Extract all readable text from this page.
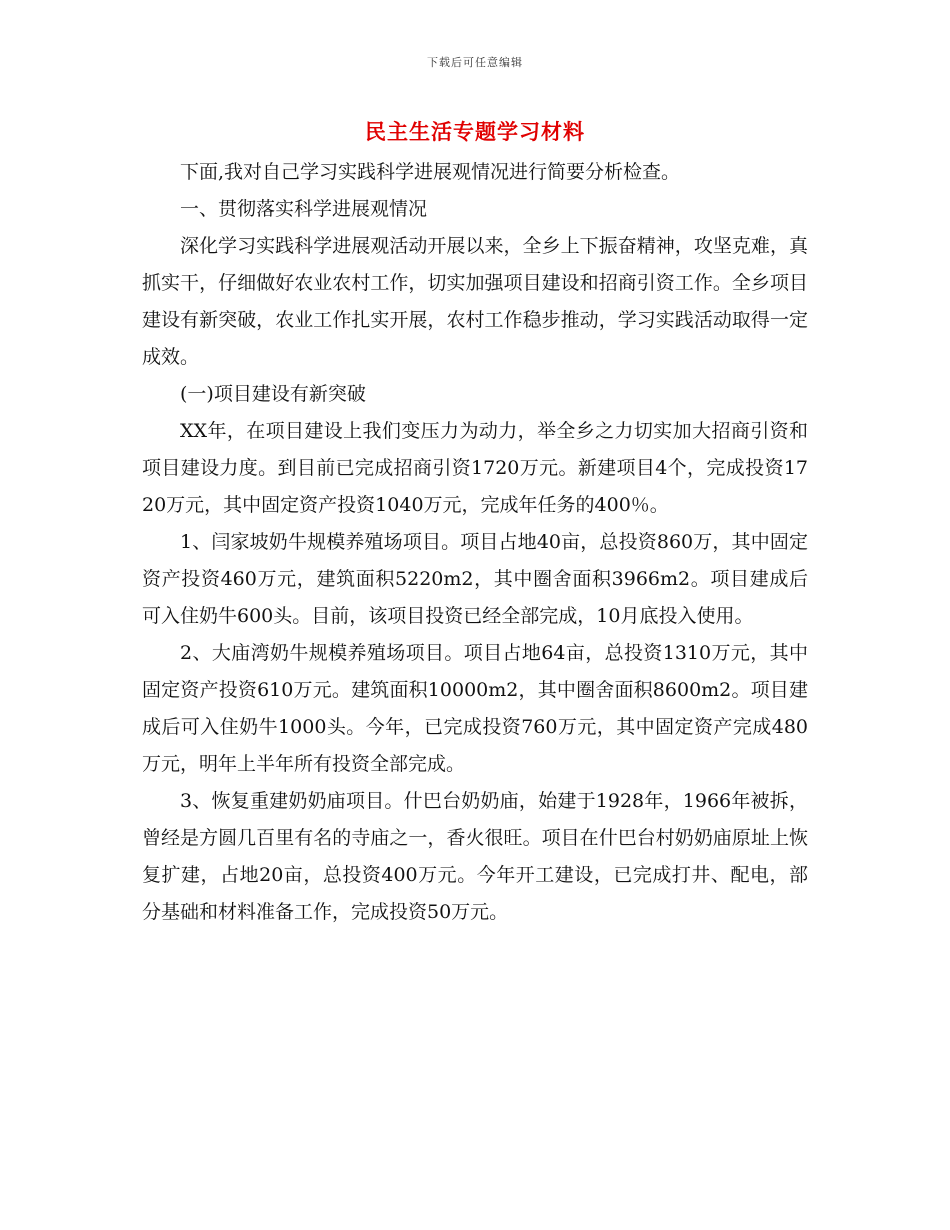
下载后可任意编辑
民主生活专题学习材料

下面,我对自己学习实践科学进展观情况进行简要分析检查。

一、贯彻落实科学进展观情况

深化学习实践科学进展观活动开展以来，全乡上下振奋精神，攻坚克难，真抓实干，仔细做好农业农村工作，切实加强项目建设和招商引资工作。全乡项目建设有新突破，农业工作扎实开展，农村工作稳步推动，学习实践活动取得一定成效。

(一)项目建设有新突破

XX年，在项目建设上我们变压力为动力，举全乡之力切实加大招商引资和项目建设力度。到目前已完成招商引资1720万元。新建项目4个，完成投资1720万元，其中固定资产投资1040万元，完成年任务的400％。

1、闫家坡奶牛规模养殖场项目。项目占地40亩，总投资860万，其中固定资产投资460万元，建筑面积5220m2，其中圈舍面积3966m2。项目建成后可入住奶牛600头。目前，该项目投资已经全部完成，10月底投入使用。

2、大庙湾奶牛规模养殖场项目。项目占地64亩，总投资1310万元，其中固定资产投资610万元。建筑面积10000m2，其中圈舍面积8600m2。项目建成后可入住奶牛1000头。今年，已完成投资760万元，其中固定资产完成480万元，明年上半年所有投资全部完成。

3、恢复重建奶奶庙项目。什巴台奶奶庙，始建于1928年，1966年被拆，曾经是方圆几百里有名的寺庙之一，香火很旺。项目在什巴台村奶奶庙原址上恢复扩建，占地20亩，总投资400万元。今年开工建设，已完成打井、配电，部分基础和材料准备工作，完成投资50万元。
